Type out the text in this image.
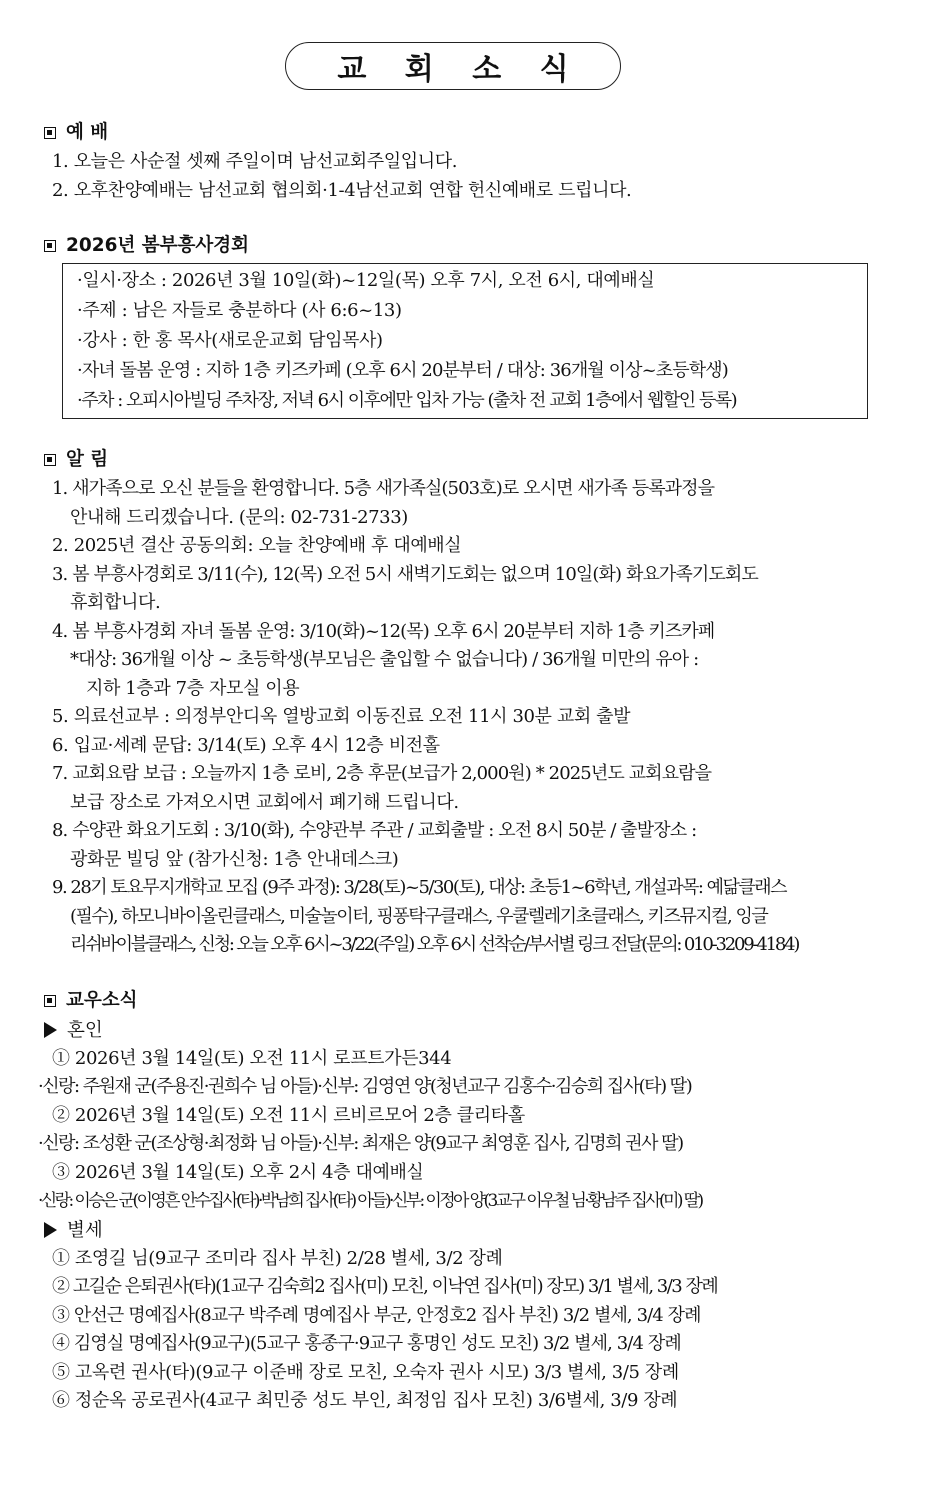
교 회 소 식
예 배
1. 오늘은 사순절 셋째 주일이며 남선교회주일입니다.
2. 오후찬양예배는 남선교회 협의회·1-4남선교회 연합 헌신예배로 드립니다.
2026년 봄부흥사경회
·일시·장소 : 2026년 3월 10일(화)~12일(목) 오후 7시, 오전 6시, 대예배실
·주제 : 남은 자들로 충분하다 (사 6:6~13)
·강사 : 한 홍 목사(새로운교회 담임목사)
·자녀 돌봄 운영 : 지하 1층 키즈카페 (오후 6시 20분부터 / 대상: 36개월 이상~초등학생)
·주차 : 오피시아빌딩 주차장, 저녁 6시 이후에만 입차 가능 (출차 전 교회 1층에서 웹할인 등록)
알 림
1. 새가족으로 오신 분들을 환영합니다. 5층 새가족실(503호)로 오시면 새가족 등록과정을
안내해 드리겠습니다. (문의: 02-731-2733)
2. 2025년 결산 공동의회: 오늘 찬양예배 후 대예배실
3. 봄 부흥사경회로 3/11(수), 12(목) 오전 5시 새벽기도회는 없으며 10일(화) 화요가족기도회도
휴회합니다.
4. 봄 부흥사경회 자녀 돌봄 운영: 3/10(화)~12(목) 오후 6시 20분부터 지하 1층 키즈카페
*대상: 36개월 이상 ~ 초등학생(부모님은 출입할 수 없습니다) / 36개월 미만의 유아 :
지하 1층과 7층 자모실 이용
5. 의료선교부 : 의정부안디옥 열방교회 이동진료 오전 11시 30분 교회 출발
6. 입교·세례 문답: 3/14(토) 오후 4시 12층 비전홀
7. 교회요람 보급 : 오늘까지 1층 로비, 2층 후문(보급가 2,000원) * 2025년도 교회요람을
보급 장소로 가져오시면 교회에서 폐기해 드립니다.
8. 수양관 화요기도회 : 3/10(화), 수양관부 주관 / 교회출발 : 오전 8시 50분 / 출발장소 :
광화문 빌딩 앞 (참가신청: 1층 안내데스크)
9. 28기 토요무지개학교 모집 (9주 과정): 3/28(토)~5/30(토), 대상: 초등1~6학년, 개설과목: 예닮클래스
(필수), 하모니바이올린클래스, 미술놀이터, 핑퐁탁구클래스, 우쿨렐레기초클래스, 키즈뮤지컬, 잉글
리쉬바이블클래스, 신청: 오늘 오후 6시~3/22(주일) 오후 6시 선착순/부서별 링크 전달(문의: 010-3209-4184)
교우소식
혼인
① 2026년 3월 14일(토) 오전 11시 로프트가든344
·신랑: 주원재 군(주용진·권희수 님 아들)·신부: 김영연 양(청년교구 김홍수·김승희 집사(타) 딸)
② 2026년 3월 14일(토) 오전 11시 르비르모어 2층 클리타홀
·신랑: 조성환 군(조상형·최정화 님 아들)·신부: 최재은 양(9교구 최영훈 집사, 김명희 권사 딸)
③ 2026년 3월 14일(토) 오후 2시 4층 대예배실
·신랑: 이승은 군(이영흔 안수집사(타)·박남희 집사(타) 아들)·신부: 이정아 양(3교구 이우철 님·황남주 집사(미) 딸)
별세
① 조영길 님(9교구 조미라 집사 부친) 2/28 별세, 3/2 장례
② 고길순 은퇴권사(타)(1교구 김숙희2 집사(미) 모친, 이낙연 집사(미) 장모) 3/1 별세, 3/3 장례
③ 안선근 명예집사(8교구 박주례 명예집사 부군, 안정호2 집사 부친) 3/2 별세, 3/4 장례
④ 김영실 명예집사(9교구)(5교구 홍종구·9교구 홍명인 성도 모친) 3/2 별세, 3/4 장례
⑤ 고옥련 권사(타)(9교구 이준배 장로 모친, 오숙자 권사 시모) 3/3 별세, 3/5 장례
⑥ 정순옥 공로권사(4교구 최민중 성도 부인, 최정임 집사 모친) 3/6별세, 3/9 장례
